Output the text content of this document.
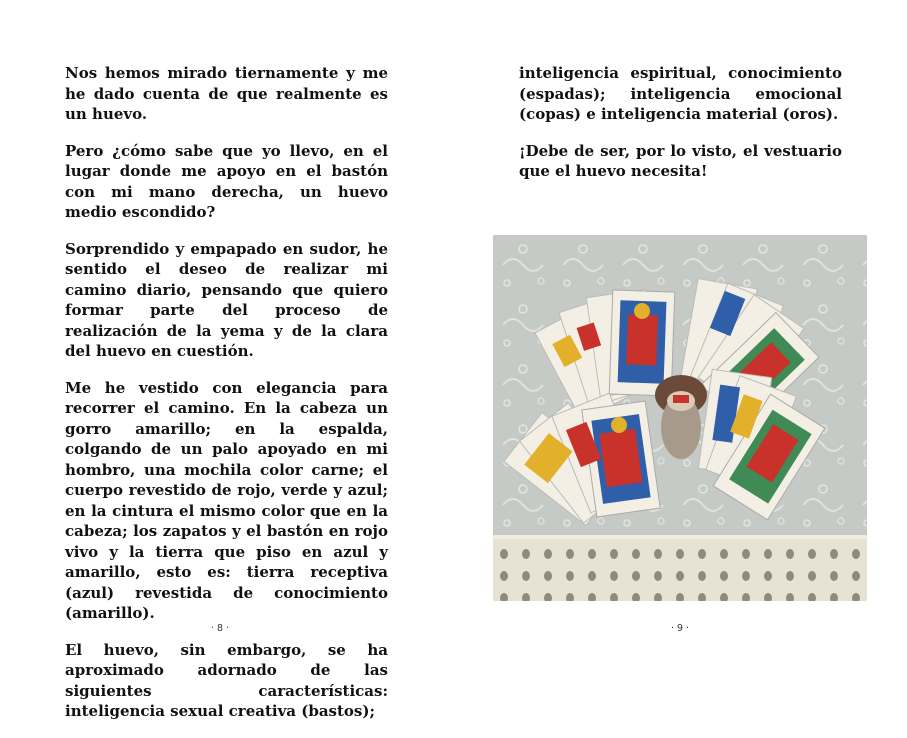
Nos hemos mirado tiernamente y me he dado cuenta de que realmente es un huevo.

Pero ¿cómo sabe que yo llevo, en el lugar donde me apoyo en el bastón con mi mano derecha, un huevo medio escondido?

Sorprendido y empapado en sudor, he sentido el deseo de realizar mi camino diario, pensando que quiero formar parte del proceso de realización de la yema y de la clara del huevo en cuestión.

Me he vestido con elegancia para recorrer el camino. En la cabeza un gorro amarillo; en la espalda, colgando de un palo apoyado en mi hombro, una mochila color carne; el cuerpo revestido de rojo, verde y azul; en la cintura el mismo color que en la cabeza; los zapatos y el bastón en rojo vivo y la tierra que piso en azul y amarillo, esto es: tierra receptiva (azul) revestida de conocimiento (amarillo).

El huevo, sin embargo, se ha aproximado adornado de las siguientes características: inteligencia sexual creativa (bastos);

· 8 ·

inteligencia espiritual, conocimiento (espadas); inteligencia emocional (copas) e inteligencia material (oros).

¡Debe de ser, por lo visto, el vestuario que el huevo necesita!

· 9 ·
